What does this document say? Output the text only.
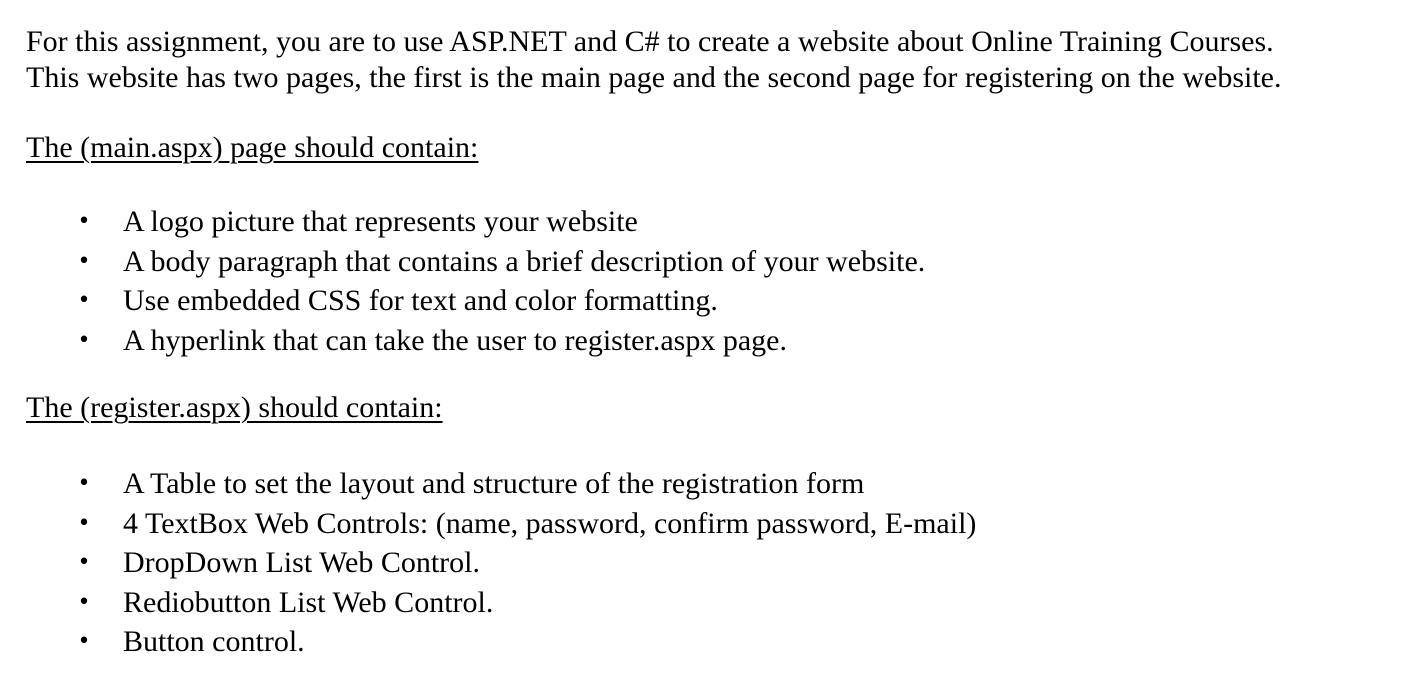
For this assignment, you are to use ASP.NET and C# to create a website about Online Training Courses.

This website has two pages, the first is the main page and the second page for registering on the website.

The (main.aspx) page should contain:

• A logo picture that represents your website
• A body paragraph that contains a brief description of your website.
• Use embedded CSS for text and color formatting.
• A hyperlink that can take the user to register.aspx page.

The (register.aspx) should contain:

• A Table to set the layout and structure of the registration form
• 4 TextBox Web Controls: (name, password, confirm password, E-mail)
• DropDown List Web Control.
• Rediobutton List Web Control.
• Button control.
